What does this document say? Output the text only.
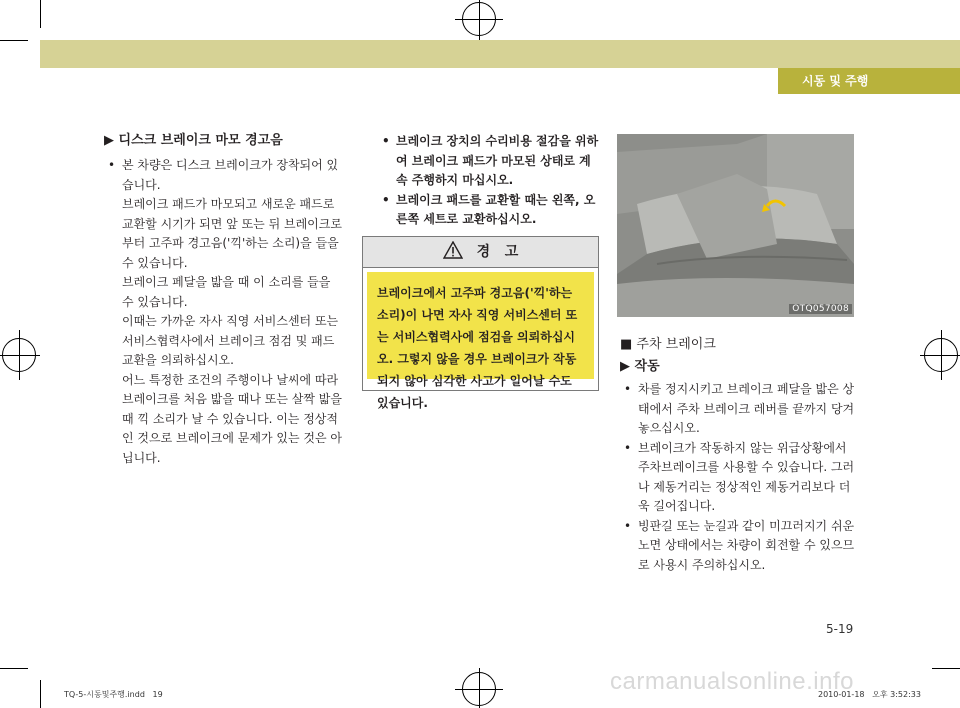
시동 및 주행
▶ 디스크 브레이크 마모 경고음
• 본 차량은 디스크 브레이크가 장착되어 있습니다.
브레이크 패드가 마모되고 새로운 패드로 교환할 시기가 되면 앞 또는 뒤 브레이크로부터 고주파 경고음('끽'하는 소리)을 들을 수 있습니다.
브레이크 페달을 밟을 때 이 소리를 들을 수 있습니다.
이때는 가까운 자사 직영 서비스센터 또는 서비스협력사에서 브레이크 점검 및 패드 교환을 의뢰하십시오.
어느 특정한 조건의 주행이나 날씨에 따라 브레이크를 처음 밟을 때나 또는 살짝 밟을 때 끽 소리가 날 수 있습니다. 이는 정상적인 것으로 브레이크에 문제가 있는 것은 아닙니다.
• 브레이크 장치의 수리비용 절감을 위하여 브레이크 패드가 마모된 상태로 계속 주행하지 마십시오.
• 브레이크 패드를 교환할 때는 왼쪽, 오른쪽 세트로 교환하십시오.
경   고
브레이크에서 고주파 경고음('끽'하는 소리)이 나면 자사 직영 서비스센터 또는 서비스협력사에 점검을 의뢰하십시오. 그렇지 않을 경우 브레이크가 작동되지 않아 심각한 사고가 일어날 수도 있습니다.
OTQ057008
■ 주차 브레이크
▶ 작동
• 차를 정지시키고 브레이크 페달을 밟은 상태에서 주차 브레이크 레버를 끝까지 당겨 놓으십시오.
• 브레이크가 작동하지 않는 위급상황에서 주차브레이크를 사용할 수 있습니다. 그러나 제동거리는 정상적인 제동거리보다 더욱 길어집니다.
• 빙판길 또는 눈길과 같이 미끄러지기 쉬운 노면 상태에서는 차량이 회전할 수 있으므로 사용시 주의하십시오.
5-19
carmanualsonline.info
TQ-5-시동및주행.indd   19	2010-01-18   오후 3:52:33
